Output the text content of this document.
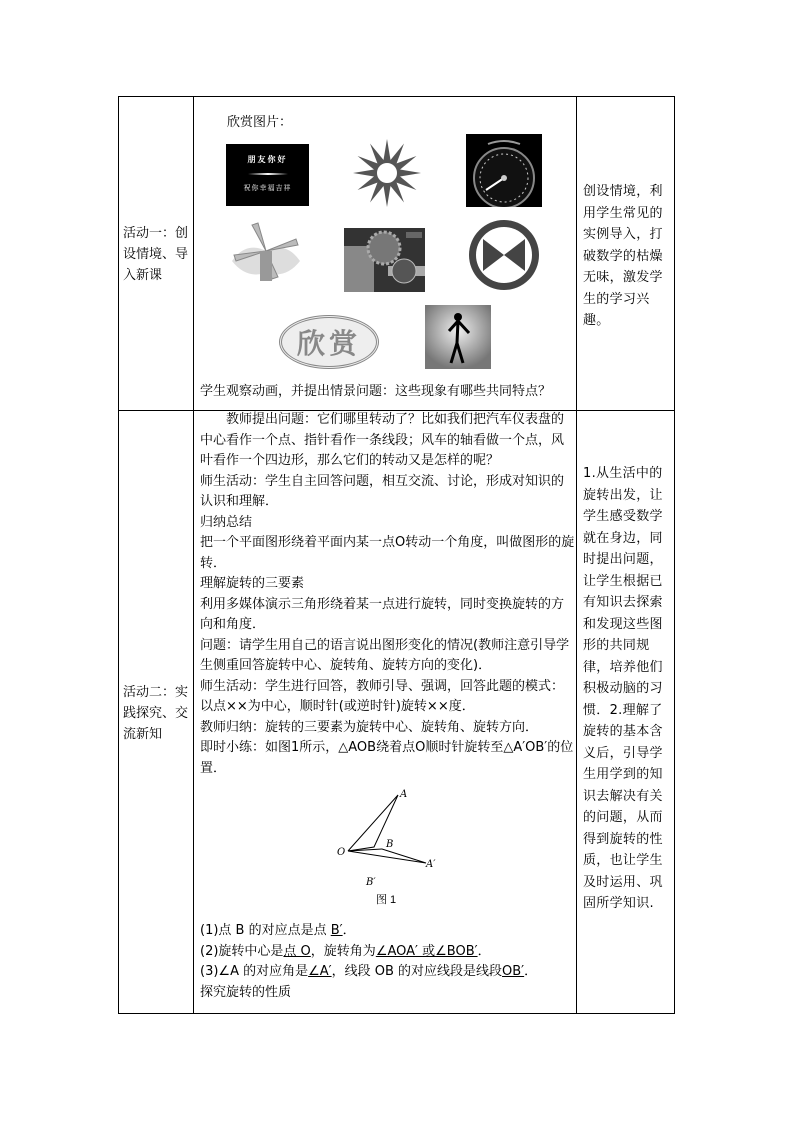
活动一：创设情境、导入新课
欣赏图片：
朋友你好
祝你幸福吉祥
欣赏
学生观察动画，并提出情景问题：这些现象有哪些共同特点？
创设情境，利用学生常见的实例导入，打破数学的枯燥无味，激发学生的学习兴趣。
活动二：实践探究、交流新知

教师提出问题：它们哪里转动了？比如我们把汽车仪表盘的中心看作一个点、指针看作一条线段；风车的轴看做一个点，风叶看作一个四边形，那么它们的转动又是怎样的呢？

师生活动：学生自主回答问题，相互交流、讨论，形成对知识的认识和理解．

归纳总结

把一个平面图形绕着平面内某一点O转动一个角度，叫做图形的旋转．

理解旋转的三要素

利用多媒体演示三角形绕着某一点进行旋转，同时变换旋转的方向和角度．

问题：请学生用自己的语言说出图形变化的情况(教师注意引导学生侧重回答旋转中心、旋转角、旋转方向的变化)．

师生活动：学生进行回答，教师引导、强调，回答此题的模式：以点××为中心，顺时针(或逆时针)旋转××度．

教师归纳：旋转的三要素为旋转中心、旋转角、旋转方向．

即时小练：如图1所示，△AOB绕着点O顺时针旋转至△A′OB′的位置．

(1)点 B 的对应点是点 B′．

(2)旋转中心是点 O，旋转角为∠AOA′ 或∠BOB′．

(3)∠A 的对应角是∠A′，线段 OB 的对应线段是线段OB′．

探究旋转的性质

A
B
O
A′
B′
图 1
1.从生活中的旋转出发，让学生感受数学就在身边，同时提出问题，让学生根据已有知识去探索和发现这些图形的共同规律，培养他们积极动脑的习惯．2.理解了旋转的基本含义后，引导学生用学到的知识去解决有关的问题，从而得到旋转的性质，也让学生及时运用、巩固所学知识.
